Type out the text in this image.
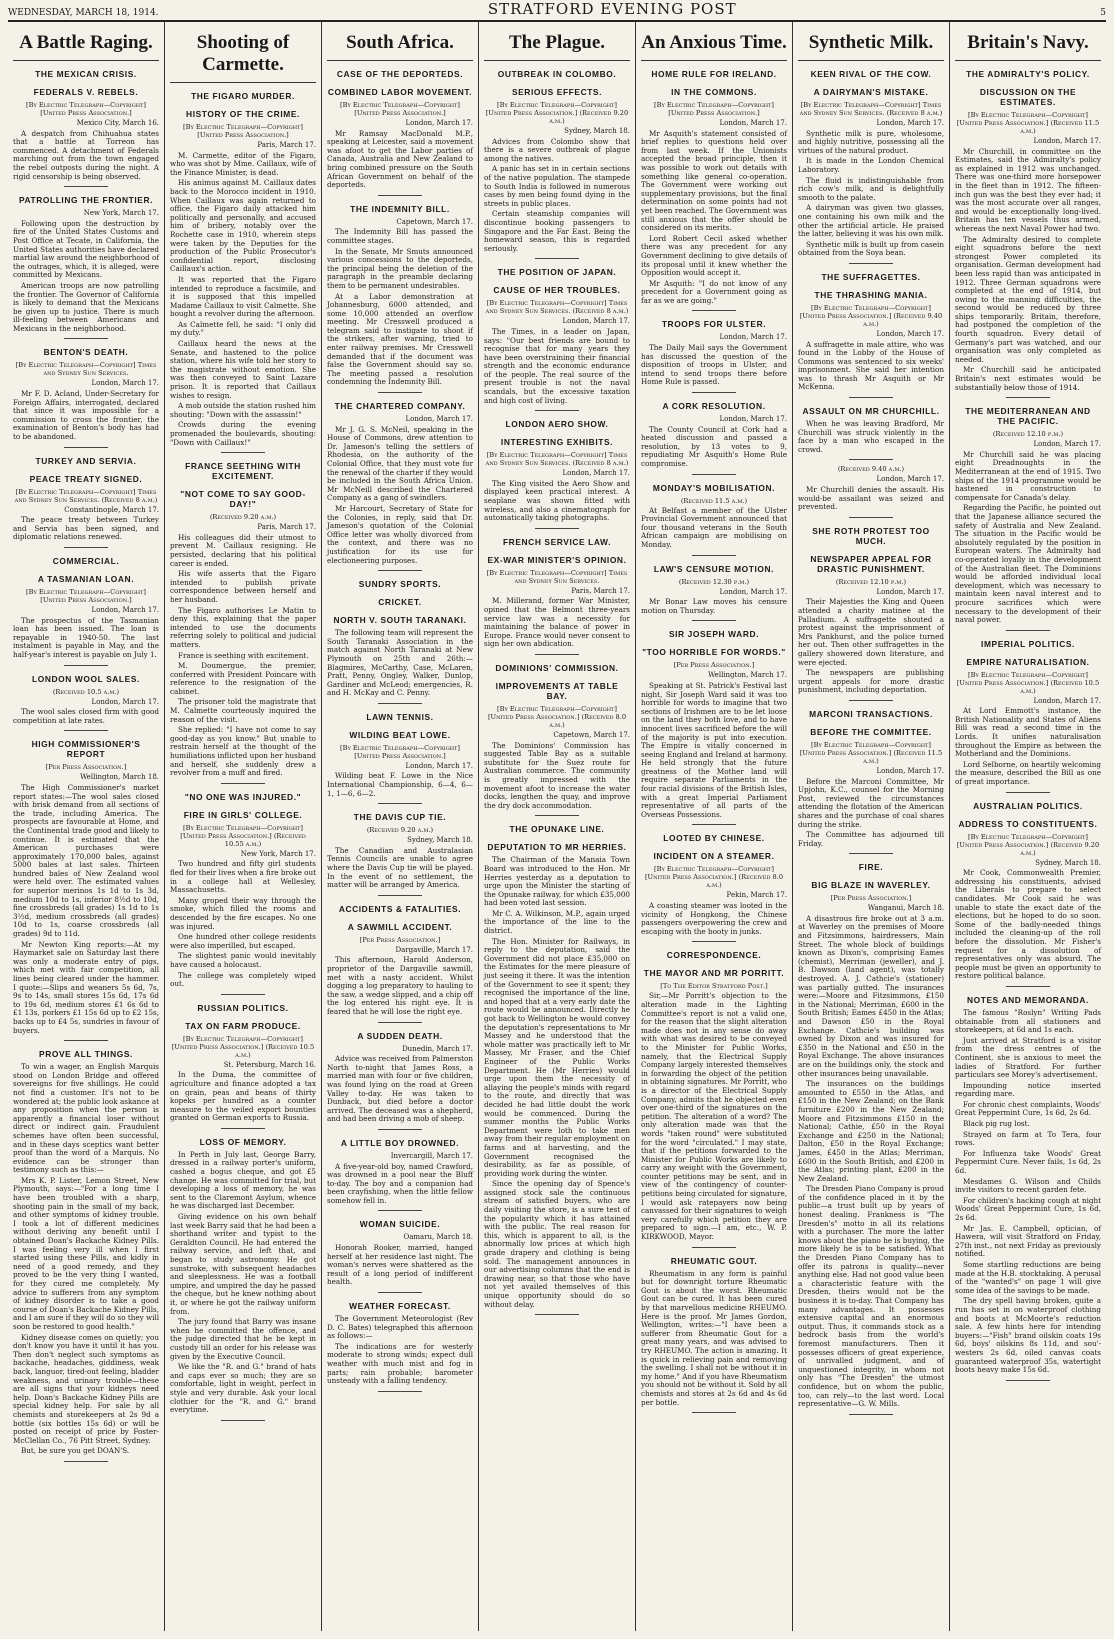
WEDNESDAY, MARCH 18, 1914.	STRATFORD EVENING POST	5
A Battle Raging.
THE MEXICAN CRISIS.
FEDERALS V. REBELS.
[By Electric Telegraph—Copyright] [United Press Association.]
Mexico City, March 16.

A despatch from Chihuahua states that a battle at Torreon has commenced. A detachment of Federals marching out from the town engaged the rebel outposts during the night. A rigid censorship is being observed.

PATROLLING THE FRONTIER.
New York, March 17.

Following upon the destruction by fire of the United States Customs and Post Office at Tecate, in California, the United States authorities have declared martial law around the neighborhood of the outrages, which, it is alleged, were committed by Mexicans.

American troops are now patrolling the frontier. The Governor of California is likely to demand that the Mexicans be given up to justice. There is much ill-feeling between Americans and Mexicans in the neighborhood.

BENTON'S DEATH.
[By Electric Telegraph—Copyright] Times and Sydney Sun Services.
London, March 17.

Mr F. D. Acland, Under-Secretary for Foreign Affairs, interrogated, declared that since it was impossible for a commission to cross the frontier, the examination of Benton's body has had to be abandoned.

TURKEY AND SERVIA.
PEACE TREATY SIGNED.
[By Electric Telegraph—Copyright] Times and Sydney Sun Services. (Received 8 a.m.)
Constantinople, March 17.

The peace treaty between Turkey and Servia has been signed, and diplomatic relations renewed.

COMMERCIAL.
A TASMANIAN LOAN.
[By Electric Telegraph—Copyright] [United Press Association.]
London, March 17.

The prospectus of the Tasmanian loan has been issued. The loan is repayable in 1940-50. The last instalment is payable in May, and the half-year's interest is payable on July 1.

LONDON WOOL SALES.
(Received 10.5 a.m.)
London, March 17.

The wool sales closed firm with good competition at late rates.

HIGH COMMISSIONER'S REPORT
[Per Press Association.]
Wellington, March 18.

The High Commissioner's market report states:—The wool sales closed with brisk demand from all sections of the trade, including America. The prospects are favourable at Home, and the Continental trade good and likely to continue. It is estimated that the American purchases were approximately 170,000 bales, against 5000 bales at last sales. Thirteen hundred bales of New Zealand wool were held over. The estimated values for superior merinos 1s 1d to 1s 3d, medium 10d to 1s, inferior 8½d to 10d, fine crossbreds (all grades) 1s 1d to 1s 3½d, medium crossbreds (all grades) 10d to 1s, coarse crossbreds (all grades) 9d to 11d.

Mr Newton King reports:—At my Haymarket sale on Saturday last there was only a moderate entry of pigs, which met with fair competition, all lines being cleared under the hammer. I quote:—Slips and weaners 5s 6d, 7s, 9s to 14s, small stores 15s 6d, 17s 6d to 19s 6d, medium stores £1 6s 6d to £1 13s, porkers £1 15s 6d up to £2 15s, backs up to £4 5s, sundries in favour of buyers.

PROVE ALL THINGS.

To win a wager, an English Marquis stood on London Bridge and offered sovereigns for five shillings. He could not find a customer. It's not to be wondered at; the public look askance at any proposition when the person is apparently a financial loser without direct or indirect gain. Fraudulent schemes have often been successful, and in these days sceptics want better proof than the word of a Marquis. No evidence can be stronger than testimony such as this:—

Mrs K. P. Lister, Lemon Street, New Plymouth, says:—"For a long time I have been troubled with a sharp, shooting pain in the small of my back, and other symptoms of kidney trouble. I took a lot of different medicines without deriving any benefit until I obtained Doan's Backache Kidney Pills. I was feeling very ill when I first started using these Pills, and kidly in need of a good remedy, and they proved to be the very thing I wanted, for they cured me completely. My advice to sufferers from any symptom of kidney disorder is to take a good course of Doan's Backache Kidney Pills, and I am sure if they will do so they will soon be restored to good health."

Kidney disease comes on quietly; you don't know you have it until it has you. Then don't neglect such symptoms as backache, headaches, giddiness, weak back, languor, tired-out feeling, bladder weakness, and urinary trouble—these are all signs that your kidneys need help. Doan's Backache Kidney Pills are special kidney help. For sale by all chemists and storekeepers at 2s 9d a bottle (six bottles 15s 6d) or will be posted on receipt of price by Foster-McClellan Co., 76 Pitt Street, Sydney.

But, be sure you get DOAN'S.

Shooting of Carmette.
THE FIGARO MURDER.
HISTORY OF THE CRIME.
[By Electric Telegraph—Copyright] [United Press Association.]
Paris, March 17.

M. Carmette, editor of the Figaro, who was shot by Mme. Caillaux, wife of the Finance Minister, is dead.

His animus against M. Caillaux dates back to the Morocco incident in 1910. When Caillaux was again returned to office, the Figaro daily attacked him politically and personally, and accused him of bribery, notably over the Rochette case in 1910, wherein steps were taken by the Deputies for the production of the Public Prosecutor's confidential report, disclosing Caillaux's action.

It was reported that the Figaro intended to reproduce a facsimile, and it is supposed that this impelled Madame Caillaux to visit Calmette. She bought a revolver during the afternoon.

As Calmette fell, he said: "I only did my duty."

Caillaux heard the news at the Senate, and hastened to the police station, where his wife told her story to the magistrate without emotion. She was then conveyed to Saint Lazare prison. It is reported that Caillaux wishes to resign.

A mob outside the station rushed him shouting: "Down with the assassin!"

Crowds during the evening promenaded the boulevards, shouting: "Down with Caillaux!"

FRANCE SEETHING WITH EXCITEMENT.
"NOT COME TO SAY GOOD-DAY!"
(Received 9.20 a.m.)
Paris, March 17.

His colleagues did their utmost to prevent M. Caillaux resigning. He persisted, declaring that his political career is ended.

His wife asserts that the Figaro intended to publish private correspondence between herself and her husband.

The Figaro authorises Le Matin to deny this, explaining that the paper intended to use the documents referring solely to political and judicial matters.

France is seething with excitement.

M. Doumergue, the premier, conferred with President Poincare with reference to the resignation of the cabinet.

The prisoner told the magistrate that M. Calmette courteously inquired the reason of the visit.

She replied: "I have not come to say good-day as you know." But unable to restrain herself at the thought of the humiliations inflicted upon her husband and herself, she suddenly drew a revolver from a muff and fired.

"NO ONE WAS INJURED."
FIRE IN GIRLS' COLLEGE.
[By Electric Telegraph—Copyright] [United Press Association.] (Received 10.55 a.m.)
New York, March 17.

Two hundred and fifty girl students fled for their lives when a fire broke out in a college hall at Wellesley, Massachusetts.

Many groped their way through the smoke, which filled the rooms and descended by the fire escapes. No one was injured.

One hundred other college residents were also imperilled, but escaped.

The slightest panic would inevitably have caused a holocaust.

The college was completely wiped out.

RUSSIAN POLITICS.
TAX ON FARM PRODUCE.
[By Electric Telegraph—Copyright] [United Press Association.] (Received 10.5 a.m.)
St. Petersburg, March 16.

In the Duma, the committee of agriculture and finance adopted a tax on grain, peas and beans of thirty kopeks per hundred as a counter measure to the veiled export bounties granted on German exports to Russia.

LOSS OF MEMORY.

In Perth in July last, George Barry, dressed in a railway porter's uniform, cashed a bogus cheque, and got £5 change. He was committed for trial, but developing a loss of memory, he was sent to the Claremont Asylum, whence he was discharged last December.

Giving evidence on his own behalf last week Barry said that he had been a shorthand writer and typist to the Geraldton Council. He had entered the railway service, and left that, and began to study astronomy. He got sunstroke, with subsequent headaches and sleeplessness. He was a football umpire, and umpired the day he passed the cheque, but he knew nothing about it, or where he got the railway uniform from.

The jury found that Barry was insane when he committed the offence, and the judge directed that he be kept in custody till an order for his release was given by the Executive Council.

We like the "R. and G." brand of hats and caps ever so much; they are so comfortable, light in weight, perfect in style and very durable. Ask your local clothier for the "R. and G." brand everytime.

South Africa.
CASE OF THE DEPORTEDS.
COMBINED LABOR MOVEMENT.
[By Electric Telegraph—Copyright] [United Press Association.]
London, March 17.

Mr Ramsay MacDonald M.P., speaking at Leicester, said a movement was afoot to get the Labor parties of Canada, Australia and New Zealand to bring combined pressure on the South African Government on behalf of the deporteds.

THE INDEMNITY BILL.
Capetown, March 17.

The Indemnity Bill has passed the committee stages.

In the Senate, Mr Smuts announced various concessions to the deporteds, the principal being the deletion of the paragraph in the preamble declaring them to be permanent undesirables.

At a Labor demonstration at Johannesburg, 6000 attended, and some 10,000 attended an overflow meeting. Mr Cresswell produced a telegram said to instigate to shoot if the strikers, after warning, tried to enter railway premises. Mr Cresswell demanded that if the document was false the Government should say so. The meeting passed a resolution condemning the Indemnity Bill.

THE CHARTERED COMPANY.
London, March 17.

Mr J. G. S. McNeil, speaking in the House of Commons, drew attention to Dr. Jameson's telling the settlers of Rhodesia, on the authority of the Colonial Office, that they must vote for the renewal of the charter if they would be included in the South Africa Union. Mr McNeill described the Chartered Company as a gang of swindlers.

Mr Harcourt, Secretary of State for the Colonies, in reply, said that Dr. Jameson's quotation of the Colonial Office letter was wholly divorced from the context, and there was no justification for its use for electioneering purposes.

SUNDRY SPORTS.
CRICKET.
NORTH V. SOUTH TARANAKI.

The following team will represent the South Taranaki Association in the match against North Taranaki at New Plymouth on 25th and 26th:—Blagmires, McCarthy, Case, McLaren, Pratt, Penny, Ongley, Walker, Dunlop, Gardiner and McLeod; emergencies, R. and H. McKay and C. Penny.

LAWN TENNIS.
WILDING BEAT LOWE.
[By Electric Telegraph—Copyright] [United Press Association.]
London, March 17.

Wilding beat F. Lowe in the Nice International Championship, 6—4, 6—1, 1—6, 6—2.

THE DAVIS CUP TIE.
(Received 9.20 a.m.)
Sydney, March 18.

The Canadian and Australasian Tennis Councils are unable to agree where the Davis Cup tie will be played. In the event of no settlement, the matter will be arranged by America.

ACCIDENTS & FATALITIES.
A SAWMILL ACCIDENT.
[Per Press Association.]
Dargaville, March 17.

This afternoon, Harold Anderson, proprietor of the Dargaville sawmill, met with a nasty accident. Whilst dogging a log preparatory to hauling to the saw, a wedge slipped, and a chip off the log entered his right eye. It is feared that he will lose the right eye.

A SUDDEN DEATH.
Dunedin, March 17.

Advice was received from Palmerston North to-night that James Ross, a married man with four or five children, was found lying on the road at Green Valley to-day. He was taken to Dunback, but died before a doctor arrived. The deceased was a shepherd, and had been driving a mob of sheep.

A LITTLE BOY DROWNED.
Invercargill, March 17.

A five-year-old boy, named Crawford, was drowned in a pool near the Bluff to-day. The boy and a companion had been crayfishing, when the little fellow somehow fell in.

WOMAN SUICIDE.
Oamaru, March 18.

Honorah Rooker, married, hanged herself at her residence last night. The woman's nerves were shattered as the result of a long period of indifferent health.

WEATHER FORECAST.

The Government Meteorologist (Rev D. C. Bates) telegraphed this afternoon as follows:—

The indications are for westerly moderate to strong winds; expect dull weather with much mist and fog in parts; rain probable; barometer unsteady with a falling tendency.

The Plague.
OUTBREAK IN COLOMBO.
SERIOUS EFFECTS.
[By Electric Telegraph—Copyright] [United Press Association.] (Received 9.20 a.m.)
Sydney, March 18.

Advices from Colombo show that there is a severe outbreak of plague among the natives.

A panic has set in in certain sections of the native population. The stampede to South India is followed in numerous cases by men being found dying in the streets in public places.

Certain steamship companies will discontinue booking passengers to Singapore and the Far East. Being the homeward season, this is regarded seriously.

THE POSITION OF JAPAN.
CAUSE OF HER TROUBLES.
[By Electric Telegraph—Copyright] Times and Sydney Sun Services. (Received 8 a.m.)
London, March 17.

The Times, in a leader on Japan, says: "Our best friends are bound to recognise that for many years they have been overstraining their financial strength and the economic endurance of the people. The real source of the present trouble is not the naval scandals, but the excessive taxation and high cost of living.

LONDON AERO SHOW.
INTERESTING EXHIBITS.
[By Electric Telegraph—Copyright] Times and Sydney Sun Services. (Received 8 a.m.)
London, March 17.

The King visited the Aero Show and displayed keen practical interest. A seaplane was shown fitted with wireless, and also a cinematograph for automatically taking photographs.

FRENCH SERVICE LAW.
EX-WAR MINISTER'S OPINION.
[By Electric Telegraph—Copyright] Times and Sydney Sun Services.
Paris, March 17.

M. Millerand, former War Minister, opined that the Belmont three-years service law was a necessity for maintaining the balance of power in Europe. France would never consent to sign her own abdication.

DOMINIONS' COMMISSION.
IMPROVEMENTS AT TABLE BAY.
[By Electric Telegraph—Copyright] [United Press Association.] (Received 8.0 a.m.)
Capetown, March 17.

The Dominions' Commission has suggested Table Bay as a suitable substitute for the Suez route for Australian commerce. The community is greatly impressed with the movement afoot to increase the water docks, lengthen the quay, and improve the dry dock accommodation.

THE OPUNAKE LINE.
DEPUTATION TO MR HERRIES.

The Chairman of the Manaia Town Board was introduced to the Hon. Mr Herries yesterday as a deputation to urge upon the Minister the starting of the Opunake railway, for which £35,000 had been voted last session.

Mr C. A. Wilkinson, M.P., again urged the importance of the line to the district.

The Hon. Minister for Railways, in reply to the deputation, said the Government did not place £35,000 on the Estimates for the mere pleasure of just seeing it there. It was the intention of the Government to see it spent; they recognised the importance of the line, and hoped that at a very early date the route would be announced. Directly he got back to Wellington he would convey the deputation's representations to Mr Massey and he understood that the whole matter was practically left to Mr Massey, Mr Fraser, and the Chief Engineer of the Public Works Department. He (Mr Herries) would urge upon them the necessity of allaying the people's minds with regard to the route, and directly that was decided he had little doubt the work would be commenced. During the summer months the Public Works Department were loth to take men away from their regular employment on farms and at harvesting, and the Government recognised the desirability, as far as possible, of providing work during the winter.

Since the opening day of Spence's assigned stock sale the continuous stream of satisfied buyers, who are daily visiting the store, is a sure test of the popularity which it has attained with the public. The real reason for this, which is apparent to all, is the abnormally low prices at which high grade drapery and clothing is being sold. The management announces in our advertising columns that the end is drawing near, so that those who have not yet availed themselves of this unique opportunity should do so without delay.

An Anxious Time.
HOME RULE FOR IRELAND.
IN THE COMMONS.
[By Electric Telegraph—Copyright] [United Press Association.]
London, March 17.

Mr Asquith's statement consisted of brief replies to questions held over from last week. If the Unionists accepted the broad principle, then it was possible to work out details with something like general co-operation. The Government were working out supplementary provisions, but the final determination on some points had not yet been reached. The Government was still anxious that the offer should be considered on its merits.

Lord Robert Cecil asked whether there was any precedent for any Government declining to give details of its proposal until it knew whether the Opposition would accept it.

Mr Asquith: "I do not know of any precedent for a Government going as far as we are going."

TROOPS FOR ULSTER.
London, March 17.

The Daily Mail says the Government has discussed the question of the disposition of troops in Ulster, and intend to send troops there before Home Rule is passed.

A CORK RESOLUTION.
London, March 17.

The County Council at Cork had a heated discussion and passed a resolution, by 13 votes to 9, repudiating Mr Asquith's Home Rule compromise.

MONDAY'S MOBILISATION.
(Received 11.5 a.m.)

At Belfast a member of the Ulster Provincial Government announced that four thousand veterans in the South African campaign are mobilising on Monday.

LAW'S CENSURE MOTION.
(Received 12.30 p.m.)
London, March 17.

Mr Bonar Law moves his censure motion on Thursday.

SIR JOSEPH WARD.
"TOO HORRIBLE FOR WORDS."
[Per Press Association.]
Wellington, March 17.

Speaking at St. Patrick's Festival last night, Sir Joseph Ward said it was too horrible for words to imagine that two sections of Irishmen are to be let loose on the land they both love, and to have innocent lives sacrificed before the will of the majority is put into execution. The Empire is vitally concerned in seeing England and Ireland at harmony. He held strongly that the future greatness of the Mother land will require separate Parliaments in the four racial divisions of the British Isles, with a great Imperial Parliament representative of all parts of the Overseas Possessions.

LOOTED BY CHINESE.
INCIDENT ON A STEAMER.
[By Electric Telegraph—Copyright] [United Press Association.] (Received 8.0 a.m.)
Pekin, March 17.

A coasting steamer was looted in the vicinity of Hongkong, the Chinese passengers overpowering the crew and escaping with the booty in junks.

CORRESPONDENCE.
THE MAYOR AND MR PORRITT.
[To The Editor Stratford Post.]

Sir,—Mr Porritt's objection to the alteration made in the Lighting Committee's report is not a valid one, for the reason that the slight alteration made does not in any sense do away with what was desired to be conveyed to the Minister for Public Works, namely, that the Electrical Supply Company largely interested themselves in forwarding the object of the petition in obtaining signatures. Mr Porritt, who is a director of the Electrical Supply Company, admits that he objected even over one-third of the signatures on the petition. The alteration of a word? The only alteration made was that the words "taken round" were substituted for the word "circulated." I may state, that if the petitions forwarded to the Minister for Public Works are likely to carry any weight with the Government, counter petitions may be sent, and in view of the contingency of counter-petitions being circulated for signature, I would ask ratepayers now being canvassed for their signatures to weigh very carefully which petition they are prepared to sign.—I am, etc., W. P. KIRKWOOD, Mayor.

RHEUMATIC GOUT.

Rheumatism in any form is painful but for downright torture Rheumatic Gout is about the worst. Rheumatic Gout can be cured. It has been cured by that marvellous medicine RHEUMO. Here is the proof. Mr James Gordon, Wellington, writes:—"I have been a sufferer from Rheumatic Gout for a great many years, and was advised to try RHEUMO. The action is amazing. It is quick in relieving pain and removing the swelling. I shall not be without it in my home." And if you have Rheumatism you should not be without it. Sold by all chemists and stores at 2s 6d and 4s 6d per bottle.

Synthetic Milk.
KEEN RIVAL OF THE COW.
A DAIRYMAN'S MISTAKE.
[By Electric Telegraph—Copyright] Times and Sydney Sun Services. (Received 8 a.m.)
London, March 17.

Synthetic milk is pure, wholesome, and highly nutritive, possessing all the virtues of the natural product.

It is made in the London Chemical Laboratory.

The fluid is indistinguishable from rich cow's milk, and is delightfully smooth to the palate.

A dairyman was given two glasses, one containing his own milk and the other the artificial article. He praised the latter, believing it was his own milk.

Synthetic milk is built up from casein obtained from the Soya bean.

THE SUFFRAGETTES.
THE THRASHING MANIA.
[By Electric Telegraph—Copyright] [United Press Association.] (Received 9.40 a.m.)
London, March 17.

A suffragette in male attire, who was found in the Lobby of the House of Commons was sentenced to six weeks' imprisonment. She said her intention was to thrash Mr Asquith or Mr McKenna.

ASSAULT ON MR CHURCHILL.

When he was leaving Bradford, Mr Churchill was struck violently in the face by a man who escaped in the crowd.

(Received 9.40 a.m.)
London, March 17.

Mr Churchill denies the assault. His would-be assailant was seized and prevented.

SHE ROTH PROTEST TOO MUCH.
NEWSPAPER APPEAL FOR DRASTIC PUNISHMENT.
(Received 12.10 p.m.)
London, March 17.

Their Majesties the King and Queen attended a charity matinee at the Palladium. A suffragette shouted a protest against the imprisonment of Mrs Pankhurst, and the police turned her out. Then other suffragettes in the gallery showered down literature, and were ejected.

The newspapers are publishing urgent appeals for more drastic punishment, including deportation.

MARCONI TRANSACTIONS.
BEFORE THE COMMITTEE.
[By Electric Telegraph—Copyright] [United Press Association.] (Received 11.5 a.m.)
London, March 17.

Before the Marconi Committee, Mr Upjohn, K.C., counsel for the Morning Post, reviewed the circumstances attending the flotation of the American shares and the purchase of coal shares during the strike.

The Committee has adjourned till Friday.

FIRE.
BIG BLAZE IN WAVERLEY.
[Per Press Association.]
Wanganui, March 18.

A disastrous fire broke out at 3 a.m. at Waverley on the premises of Moore and Fitzsimmons, hairdressers, Main Street. The whole block of buildings known as Dixon's, comprising Eames (chemist), Merriman (jeweller), and J. B. Dawson (land agent), was totally destroyed. A. J. Cathcie's (stationer) was partially gutted. The insurances were:—Moore and Fitzsimmons, £150 in the National; Merriman, £600 in the South British; Eames £450 in the Atlas; and Dawson £50 in the Royal Exchange. Cathcie's building was owned by Dixon and was insured for £350 in the National and £50 in the Royal Exchange. The above insurances are on the buildings only, the stock and other insurances being unavailable.

The insurances on the buildings amounted to £550 in the Atlas, and £150 in the New Zealand; on the Bank furniture £200 in the New Zealand; Moore and Fitzsimmons £150 in the National; Cathie, £50 in the Royal Exchange and £250 in the National; Dalton, £50 in the Royal Exchange; James, £450 in the Atlas; Merriman, £600 in the South British, and £200 in the Atlas; printing plant, £200 in the New Zealand.

The Dresden Piano Company is proud of the confidence placed in it by the public—a trust built up by years of honest dealing. Frankness is "The Dresden's" motto in all its relations with a purchaser. The more the latter knows about the piano he is buying, the more likely he is to be satisfied. What the Dresden Piano Company has to offer its patrons is quality—never anything else. Had not good value been a characteristic feature with the Dresden, theirs would not be the business it is to-day. That Company has many advantages. It possesses extensive capital and an enormous output. Thus, it commands stock as a bedrock basis from the world's foremost manufacturers. Then it possesses officers of great experience, of unrivalled judgment, and of unquestioned integrity, in whom not only has "The Dresden" the utmost confidence, but on whom the public, too, can rely—to the last word. Local representative—G. W. Mills.

Britain's Navy.
THE ADMIRALTY'S POLICY.
DISCUSSION ON THE ESTIMATES.
[By Electric Telegraph—Copyright] [United Press Association.] (Received 11.5 a.m.)
London, March 17.

Mr Churchill, in committee on the Estimates, said the Admiralty's policy as explained in 1912 was unchanged. There was one-third more horsepower in the fleet than in 1912. The fifteen-inch gun was the best they ever had; it was the most accurate over all ranges, and would be exceptionally long-lived. Britain has ten vessels thus armed, whereas the next Naval Power had two.

The Admiralty desired to complete eight squadrons before the next strongest Power completed its organisation. German development had been less rapid than was anticipated in 1912. Three German squadrons were completed at the end of 1914, but owing to the manning difficulties, the second would be reduced by three ships temporarily. Britain, therefore, had postponed the completion of the fourth squadron. Every detail of Germany's part was watched, and our organisation was only completed as needed.

Mr Churchill said he anticipated Britain's next estimates would be substantially below those of 1914.

THE MEDITERRANEAN AND THE PACIFIC.
(Received 12.10 p.m.)
London, March 17.

Mr Churchill said he was placing eight Dreadnoughts in the Mediterranean at the end of 1915. Two ships of the 1914 programme would be hastened in construction to compensate for Canada's delay.

Regarding the Pacific, he pointed out that the Japanese alliance secured the safety of Australia and New Zealand. The situation in the Pacific would be absolutely regulated by the position in European waters. The Admiralty had co-operated loyally in the development of the Australian fleet. The Dominions would be afforded individual local development, which was necessary to maintain keen naval interest and to procure sacrifices which were necessary to the development of their naval power.

IMPERIAL POLITICS.
EMPIRE NATURALISATION.
[By Electric Telegraph—Copyright] [United Press Association.] (Received 10.5 a.m.)
London, March 17.

At Lord Emmott's instance, the British Nationality and States of Aliens Bill was read a second time in the Lords. It unifies naturalisation throughout the Empire as between the Motherland and the Dominions.

Lord Selborne, on heartily welcoming the measure, described the Bill as one of great importance.

AUSTRALIAN POLITICS.
ADDRESS TO CONSTITUENTS.
[By Electric Telegraph—Copyright] [United Press Association.] (Received 9.20 a.m.)
Sydney, March 18.

Mr Cook, Commonwealth Premier, addressing his constituents, advised the Liberals to prepare to select candidates. Mr Cook said he was unable to state the exact date of the elections, but he hoped to do so soon. Some of the badly-needed things included the cleaning-up of the roll before the dissolution. Mr Fisher's request for a dissolution of representatives only was absurd. The people must be given an opportunity to restore political balance.

NOTES AND MEMORANDA.

The famous "Roslyn" Writing Pads obtainable from all stationers and storekeepers, at 6d and 1s each.

Just arrived at Stratford is a visitor from the dress centres of the Continent, she is anxious to meet the ladies of Stratford. For further particulars see Morey's advertisement.

Impounding notice inserted regarding mare.

For chronic chest complaints, Woods' Great Peppermint Cure, 1s 6d, 2s 6d.

Black pig rug lost.

Strayed on farm at To Tera, four rows.

For Influenza take Woods' Great Peppermint Cure. Never fails, 1s 6d, 2s 6d.

Mesdames G. Wilson and Childs invite visitors to recent garden fete.

For children's hacking cough at night Woods' Great Peppermint Cure, 1s 6d, 2s 6d.

Mr Jas. E. Campbell, optician, of Hawera, will visit Stratford on Friday, 27th inst., not next Friday as previously notified.

Some startling reductions are being made at the H.B. stocktaking. A perusal of the "wanted's" on page 1 will give some idea of the savings to be made.

The dry spell having broken, quite a run has set in on waterproof clothing and boots at McMoorte's reduction sale. A few hints here for intending buyers:—"Fish" brand oilskin coats 19s 6d, boys' oilskins 8s 11d, and sou'-westers 2s 6d, oiled canvas coats guaranteed waterproof 35s, watertight boots heavy make 15s 6d.
